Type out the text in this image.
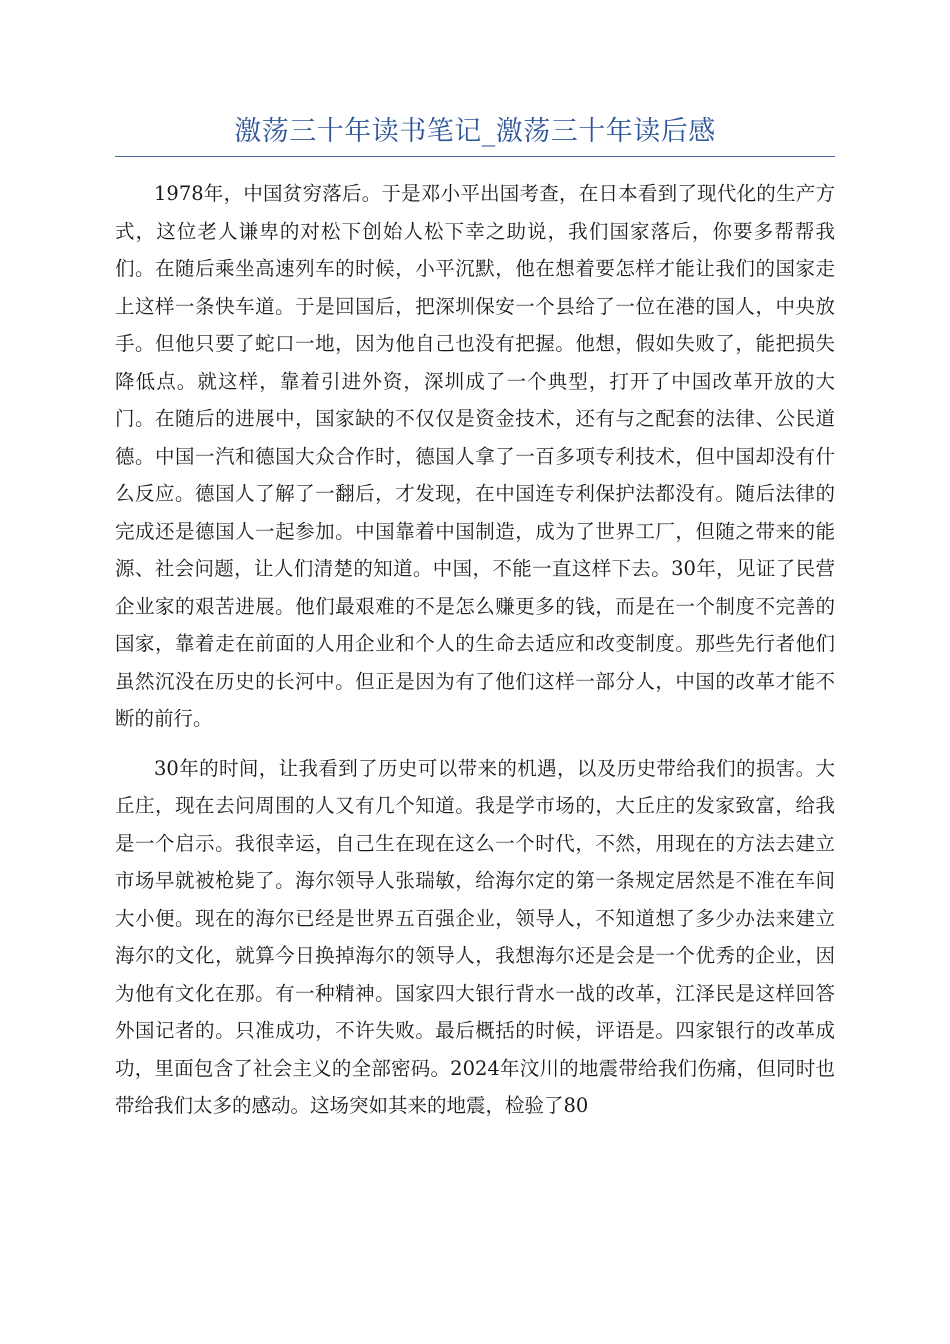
激荡三十年读书笔记_激荡三十年读后感

1978年，中国贫穷落后。于是邓小平出国考查，在日本看到了现代化的生产方式，这位老人谦卑的对松下创始人松下幸之助说，我们国家落后，你要多帮帮我们。在随后乘坐高速列车的时候，小平沉默，他在想着要怎样才能让我们的国家走上这样一条快车道。于是回国后，把深圳保安一个县给了一位在港的国人，中央放手。但他只要了蛇口一地，因为他自己也没有把握。他想，假如失败了，能把损失降低点。就这样，靠着引进外资，深圳成了一个典型，打开了中国改革开放的大门。在随后的进展中，国家缺的不仅仅是资金技术，还有与之配套的法律、公民道德。中国一汽和德国大众合作时，德国人拿了一百多项专利技术，但中国却没有什么反应。德国人了解了一翻后，才发现，在中国连专利保护法都没有。随后法律的完成还是德国人一起参加。中国靠着中国制造，成为了世界工厂，但随之带来的能源、社会问题，让人们清楚的知道。中国，不能一直这样下去。30年，见证了民营企业家的艰苦进展。他们最艰难的不是怎么赚更多的钱，而是在一个制度不完善的国家，靠着走在前面的人用企业和个人的生命去适应和改变制度。那些先行者他们虽然沉没在历史的长河中。但正是因为有了他们这样一部分人，中国的改革才能不断的前行。

30年的时间，让我看到了历史可以带来的机遇，以及历史带给我们的损害。大丘庄，现在去问周围的人又有几个知道。我是学市场的，大丘庄的发家致富，给我是一个启示。我很幸运，自己生在现在这么一个时代，不然，用现在的方法去建立市场早就被枪毙了。海尔领导人张瑞敏，给海尔定的第一条规定居然是不准在车间大小便。现在的海尔已经是世界五百强企业，领导人，不知道想了多少办法来建立海尔的文化，就算今日换掉海尔的领导人，我想海尔还是会是一个优秀的企业，因为他有文化在那。有一种精神。国家四大银行背水一战的改革，江泽民是这样回答外国记者的。只准成功，不许失败。最后概括的时候，评语是。四家银行的改革成功，里面包含了社会主义的全部密码。2024年汶川的地震带给我们伤痛，但同时也带给我们太多的感动。这场突如其来的地震，检验了80
